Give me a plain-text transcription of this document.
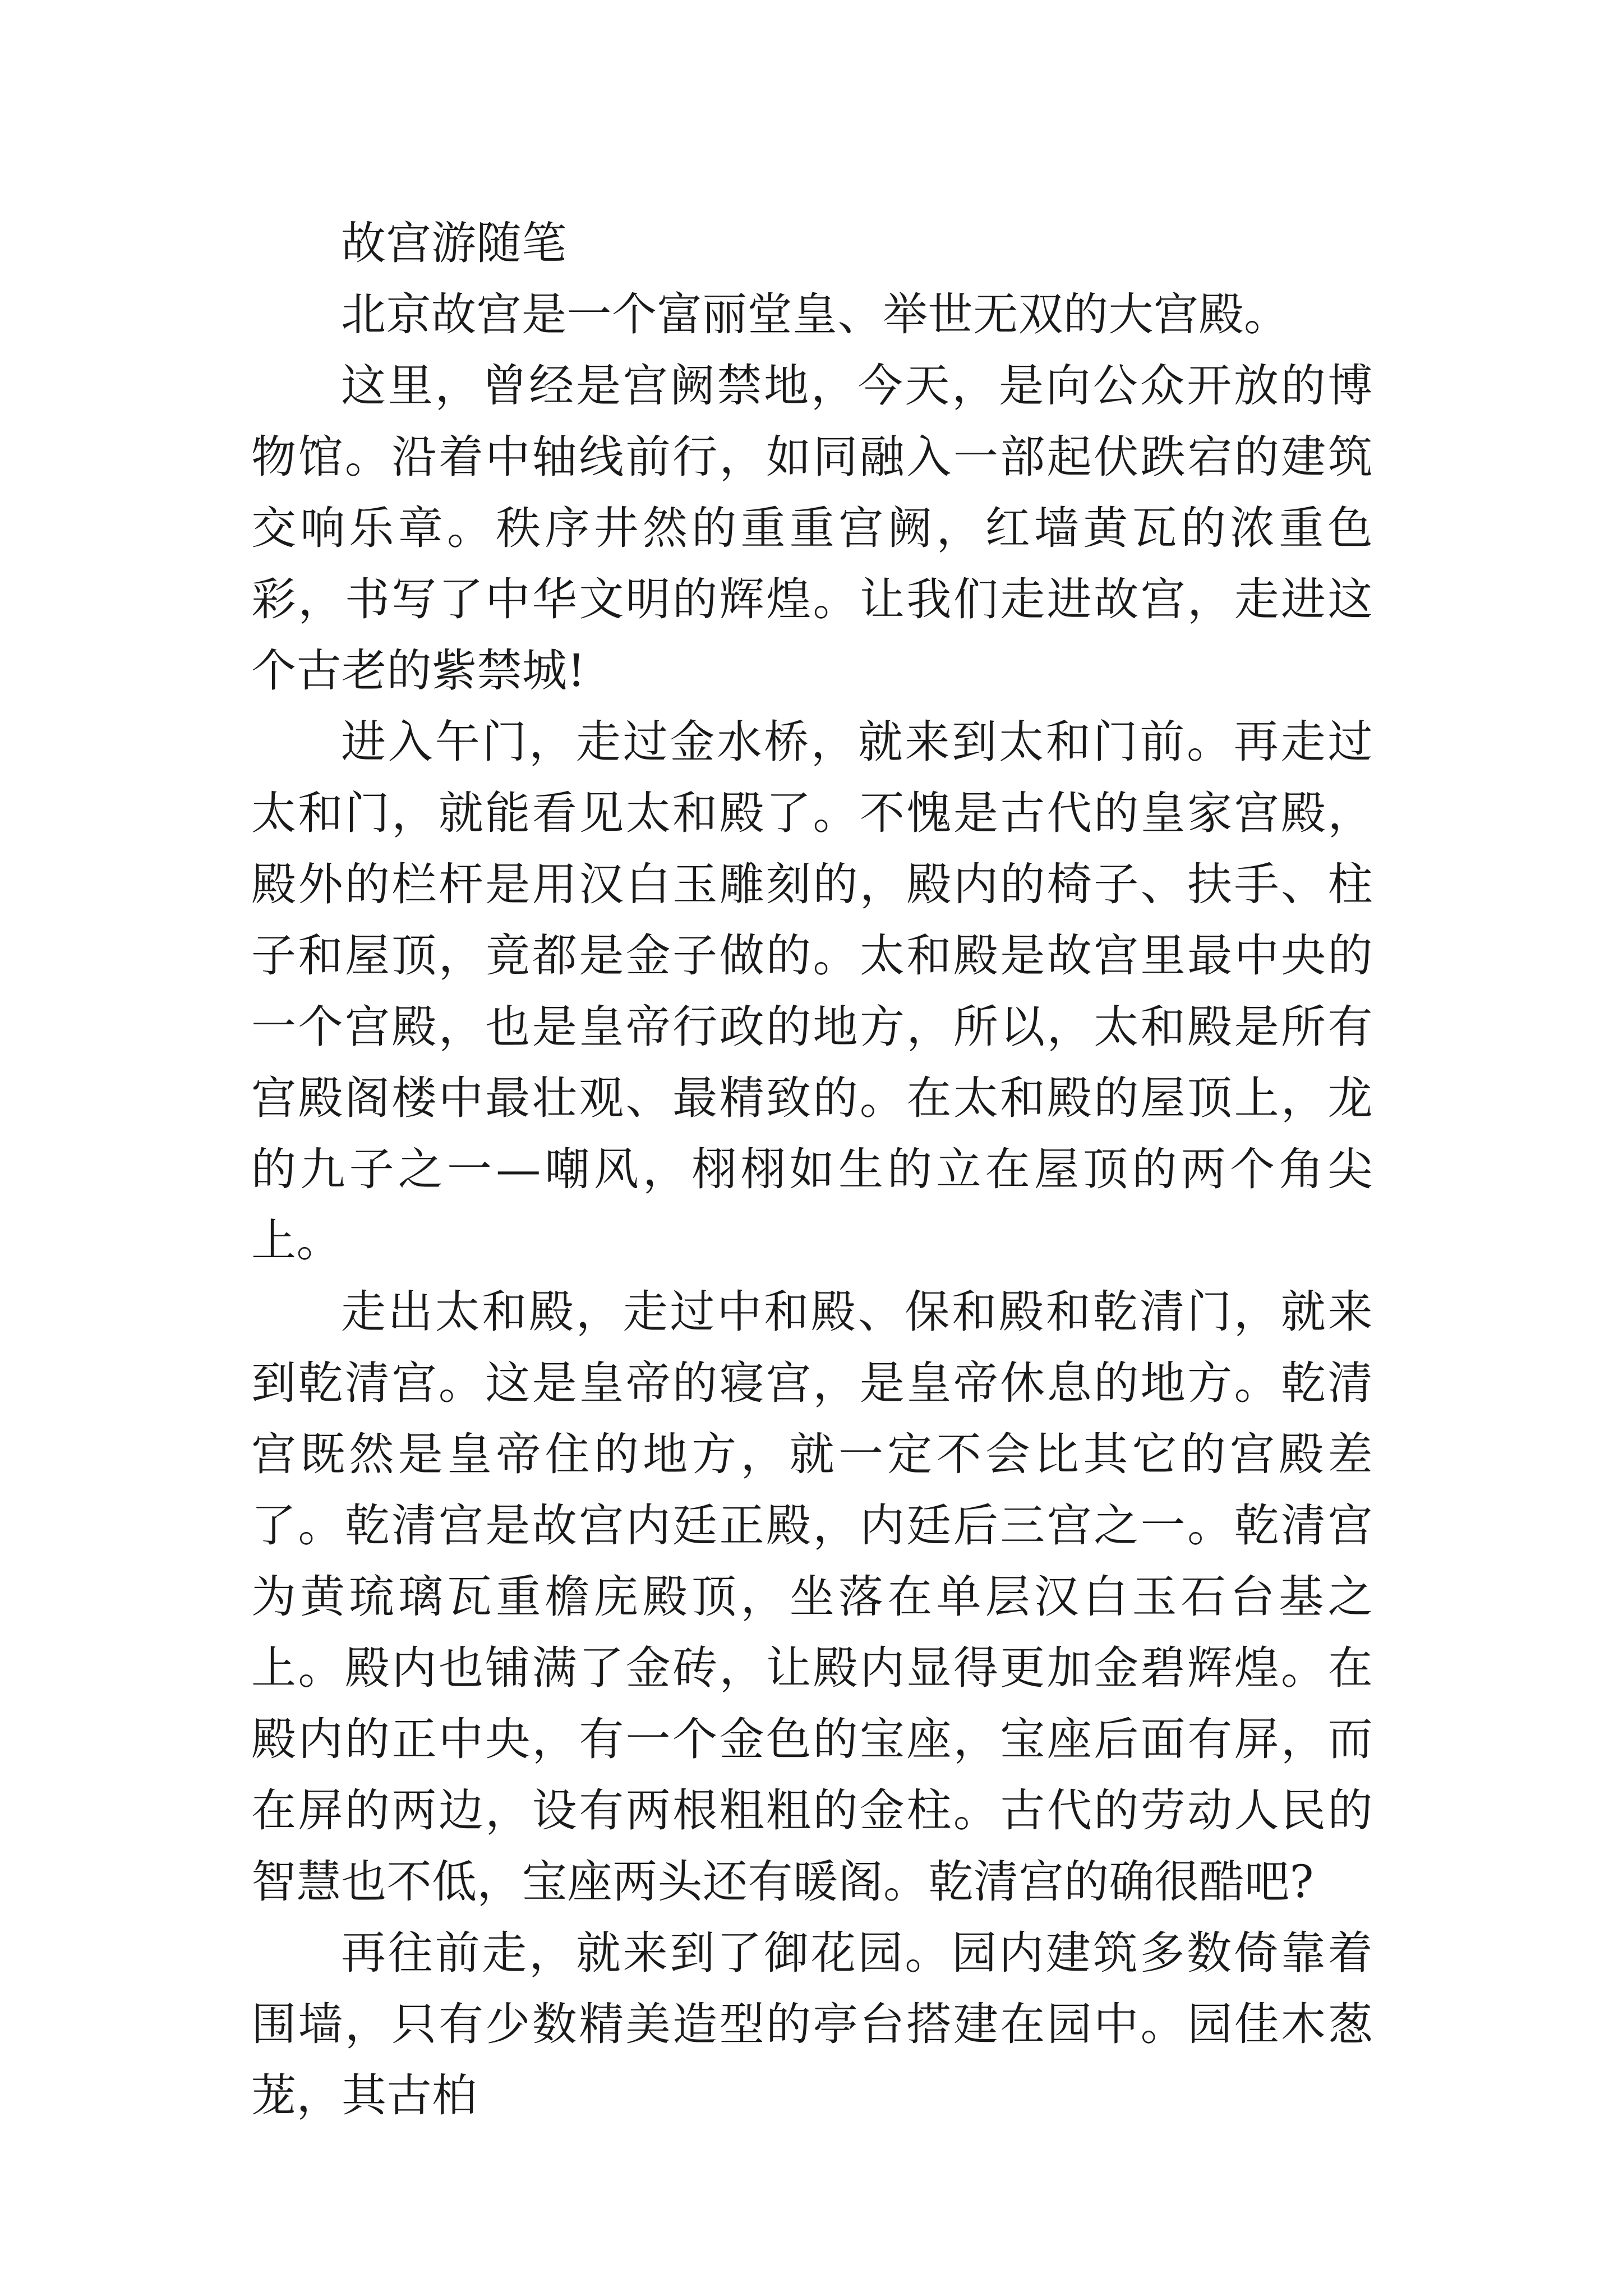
故宫游随笔

北京故宫是一个富丽堂皇、举世无双的大宫殿。

这里，曾经是宫阙禁地，今天，是向公众开放的博物馆。沿着中轴线前行，如同融入一部起伏跌宕的建筑交响乐章。秩序井然的重重宫阙，红墙黄瓦的浓重色彩，书写了中华文明的辉煌。让我们走进故宫，走进这个古老的紫禁城!

进入午门，走过金水桥，就来到太和门前。再走过太和门，就能看见太和殿了。不愧是古代的皇家宫殿，殿外的栏杆是用汉白玉雕刻的，殿内的椅子、扶手、柱子和屋顶，竟都是金子做的。太和殿是故宫里最中央的一个宫殿，也是皇帝行政的地方，所以，太和殿是所有宫殿阁楼中最壮观、最精致的。在太和殿的屋顶上，龙的九子之一—嘲风，栩栩如生的立在屋顶的两个角尖上。

走出太和殿，走过中和殿、保和殿和乾清门，就来到乾清宫。这是皇帝的寝宫，是皇帝休息的地方。乾清宫既然是皇帝住的地方，就一定不会比其它的宫殿差了。乾清宫是故宫内廷正殿，内廷后三宫之一。乾清宫为黄琉璃瓦重檐庑殿顶，坐落在单层汉白玉石台基之上。殿内也铺满了金砖，让殿内显得更加金碧辉煌。在殿内的正中央，有一个金色的宝座，宝座后面有屏，而在屏的两边，设有两根粗粗的金柱。古代的劳动人民的智慧也不低，宝座两头还有暖阁。乾清宫的确很酷吧?

再往前走，就来到了御花园。园内建筑多数倚靠着围墙，只有少数精美造型的亭台搭建在园中。园佳木葱茏，其古柏
